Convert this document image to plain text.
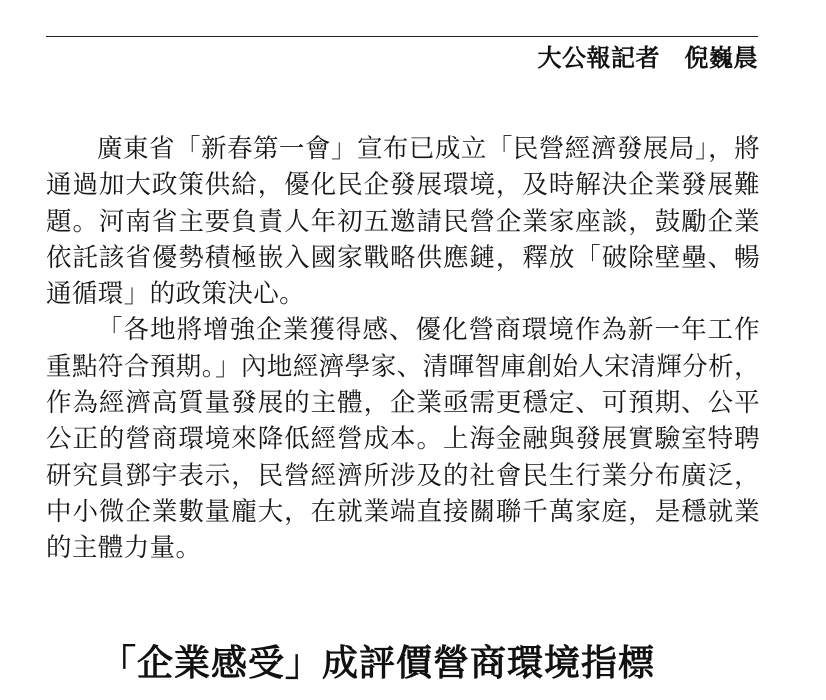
大公報記者　倪巍晨

廣東省「新春第一會」宣布已成立「民營經濟發展局」，將通過加大政策供給，優化民企發展環境，及時解決企業發展難題。河南省主要負責人年初五邀請民營企業家座談，鼓勵企業依託該省優勢積極嵌入國家戰略供應鏈，釋放「破除壁壘、暢通循環」的政策決心。

「各地將增強企業獲得感、優化營商環境作為新一年工作重點符合預期。」內地經濟學家、清暉智庫創始人宋清輝分析，作為經濟高質量發展的主體，企業亟需更穩定、可預期、公平公正的營商環境來降低經營成本。上海金融與發展實驗室特聘研究員鄧宇表示，民營經濟所涉及的社會民生行業分布廣泛，中小微企業數量龐大，在就業端直接關聯千萬家庭，是穩就業的主體力量。

「企業感受」成評價營商環境指標
